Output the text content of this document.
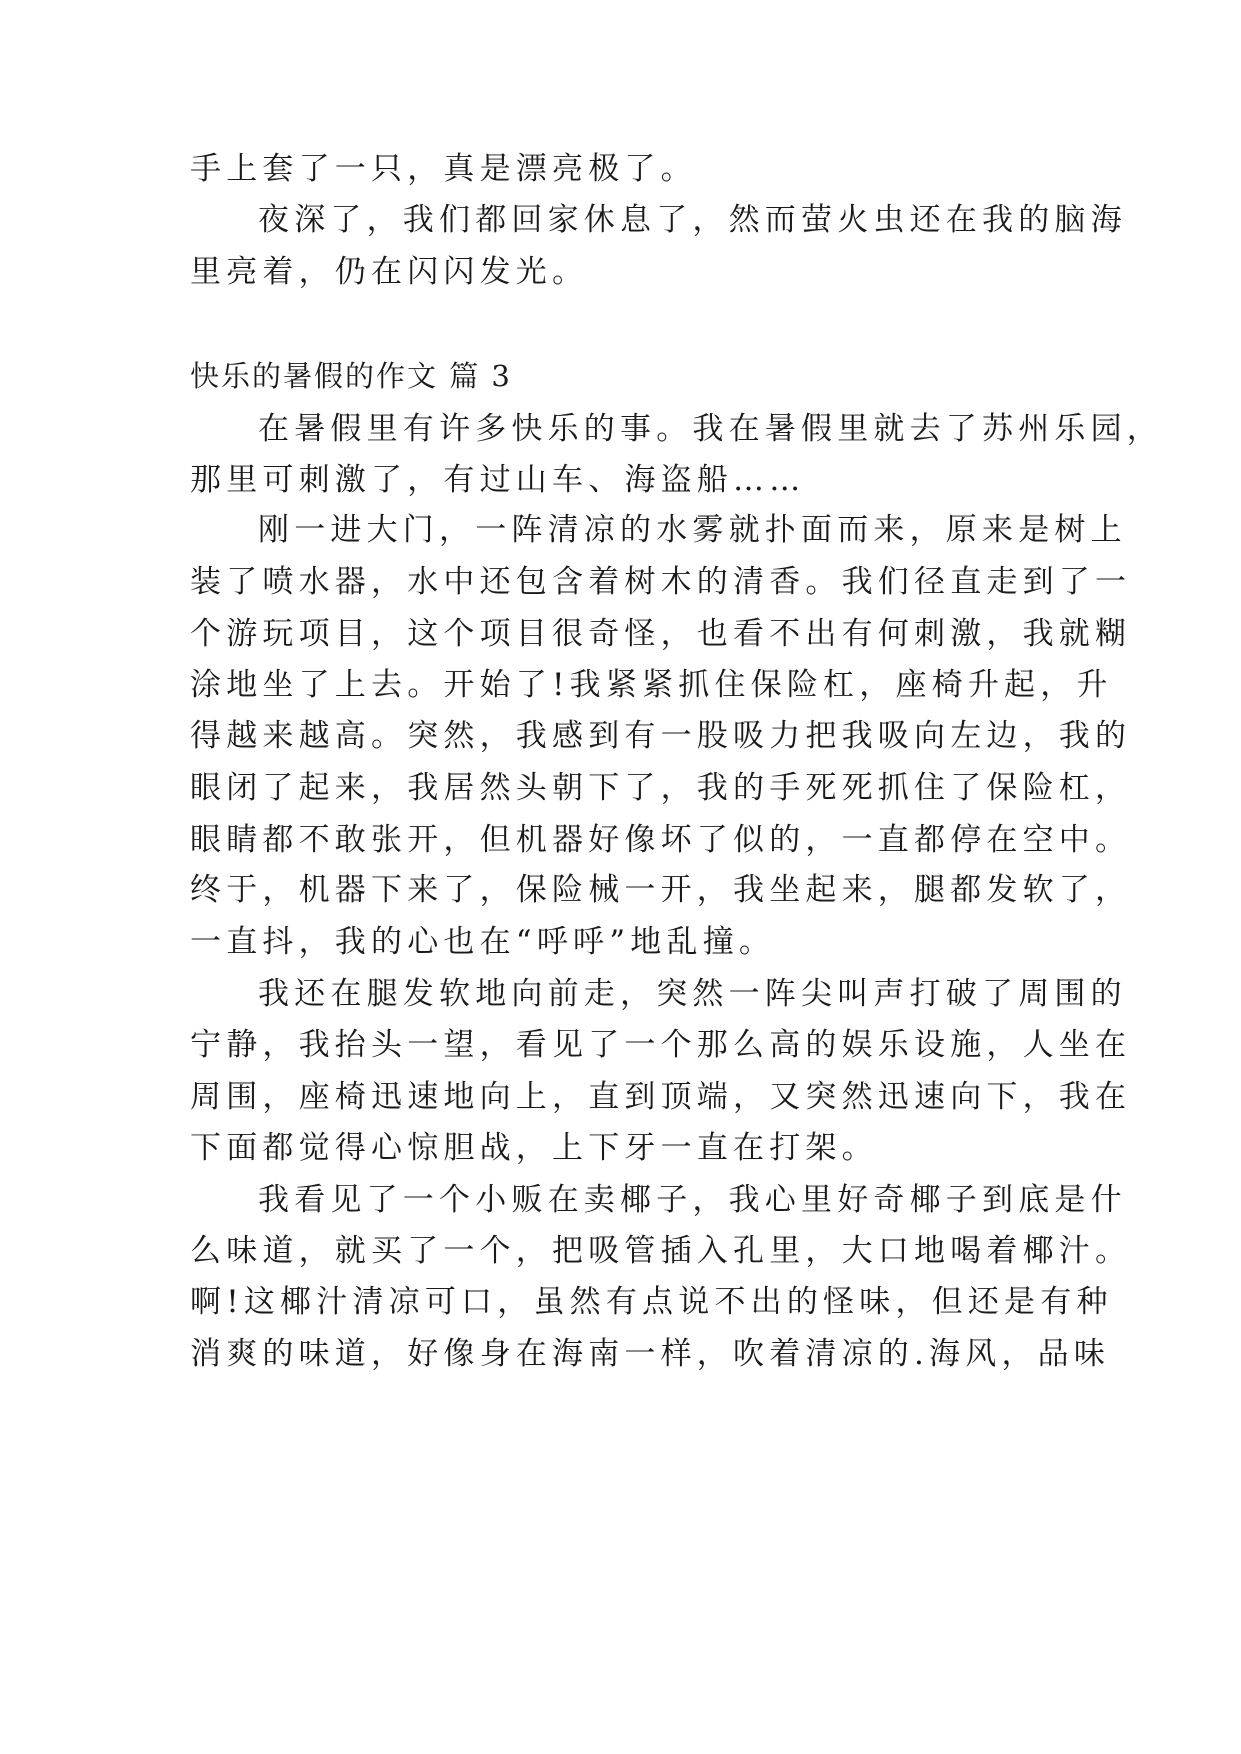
手上套了一只，真是漂亮极了。
夜深了，我们都回家休息了，然而萤火虫还在我的脑海
里亮着，仍在闪闪发光。
快乐的暑假的作文 篇 3
在暑假里有许多快乐的事。我在暑假里就去了苏州乐园，
那里可刺激了，有过山车、海盗船……
刚一进大门，一阵清凉的水雾就扑面而来，原来是树上
装了喷水器，水中还包含着树木的清香。我们径直走到了一
个游玩项目，这个项目很奇怪，也看不出有何刺激，我就糊
涂地坐了上去。开始了!我紧紧抓住保险杠，座椅升起，升
得越来越高。突然，我感到有一股吸力把我吸向左边，我的
眼闭了起来，我居然头朝下了，我的手死死抓住了保险杠，
眼睛都不敢张开，但机器好像坏了似的，一直都停在空中。
终于，机器下来了，保险械一开，我坐起来，腿都发软了，
一直抖，我的心也在“呼呼”地乱撞。
我还在腿发软地向前走，突然一阵尖叫声打破了周围的
宁静，我抬头一望，看见了一个那么高的娱乐设施，人坐在
周围，座椅迅速地向上，直到顶端，又突然迅速向下，我在
下面都觉得心惊胆战，上下牙一直在打架。
我看见了一个小贩在卖椰子，我心里好奇椰子到底是什
么味道，就买了一个，把吸管插入孔里，大口地喝着椰汁。
啊!这椰汁清凉可口，虽然有点说不出的怪味，但还是有种
消爽的味道，好像身在海南一样，吹着清凉的.海风，品味
